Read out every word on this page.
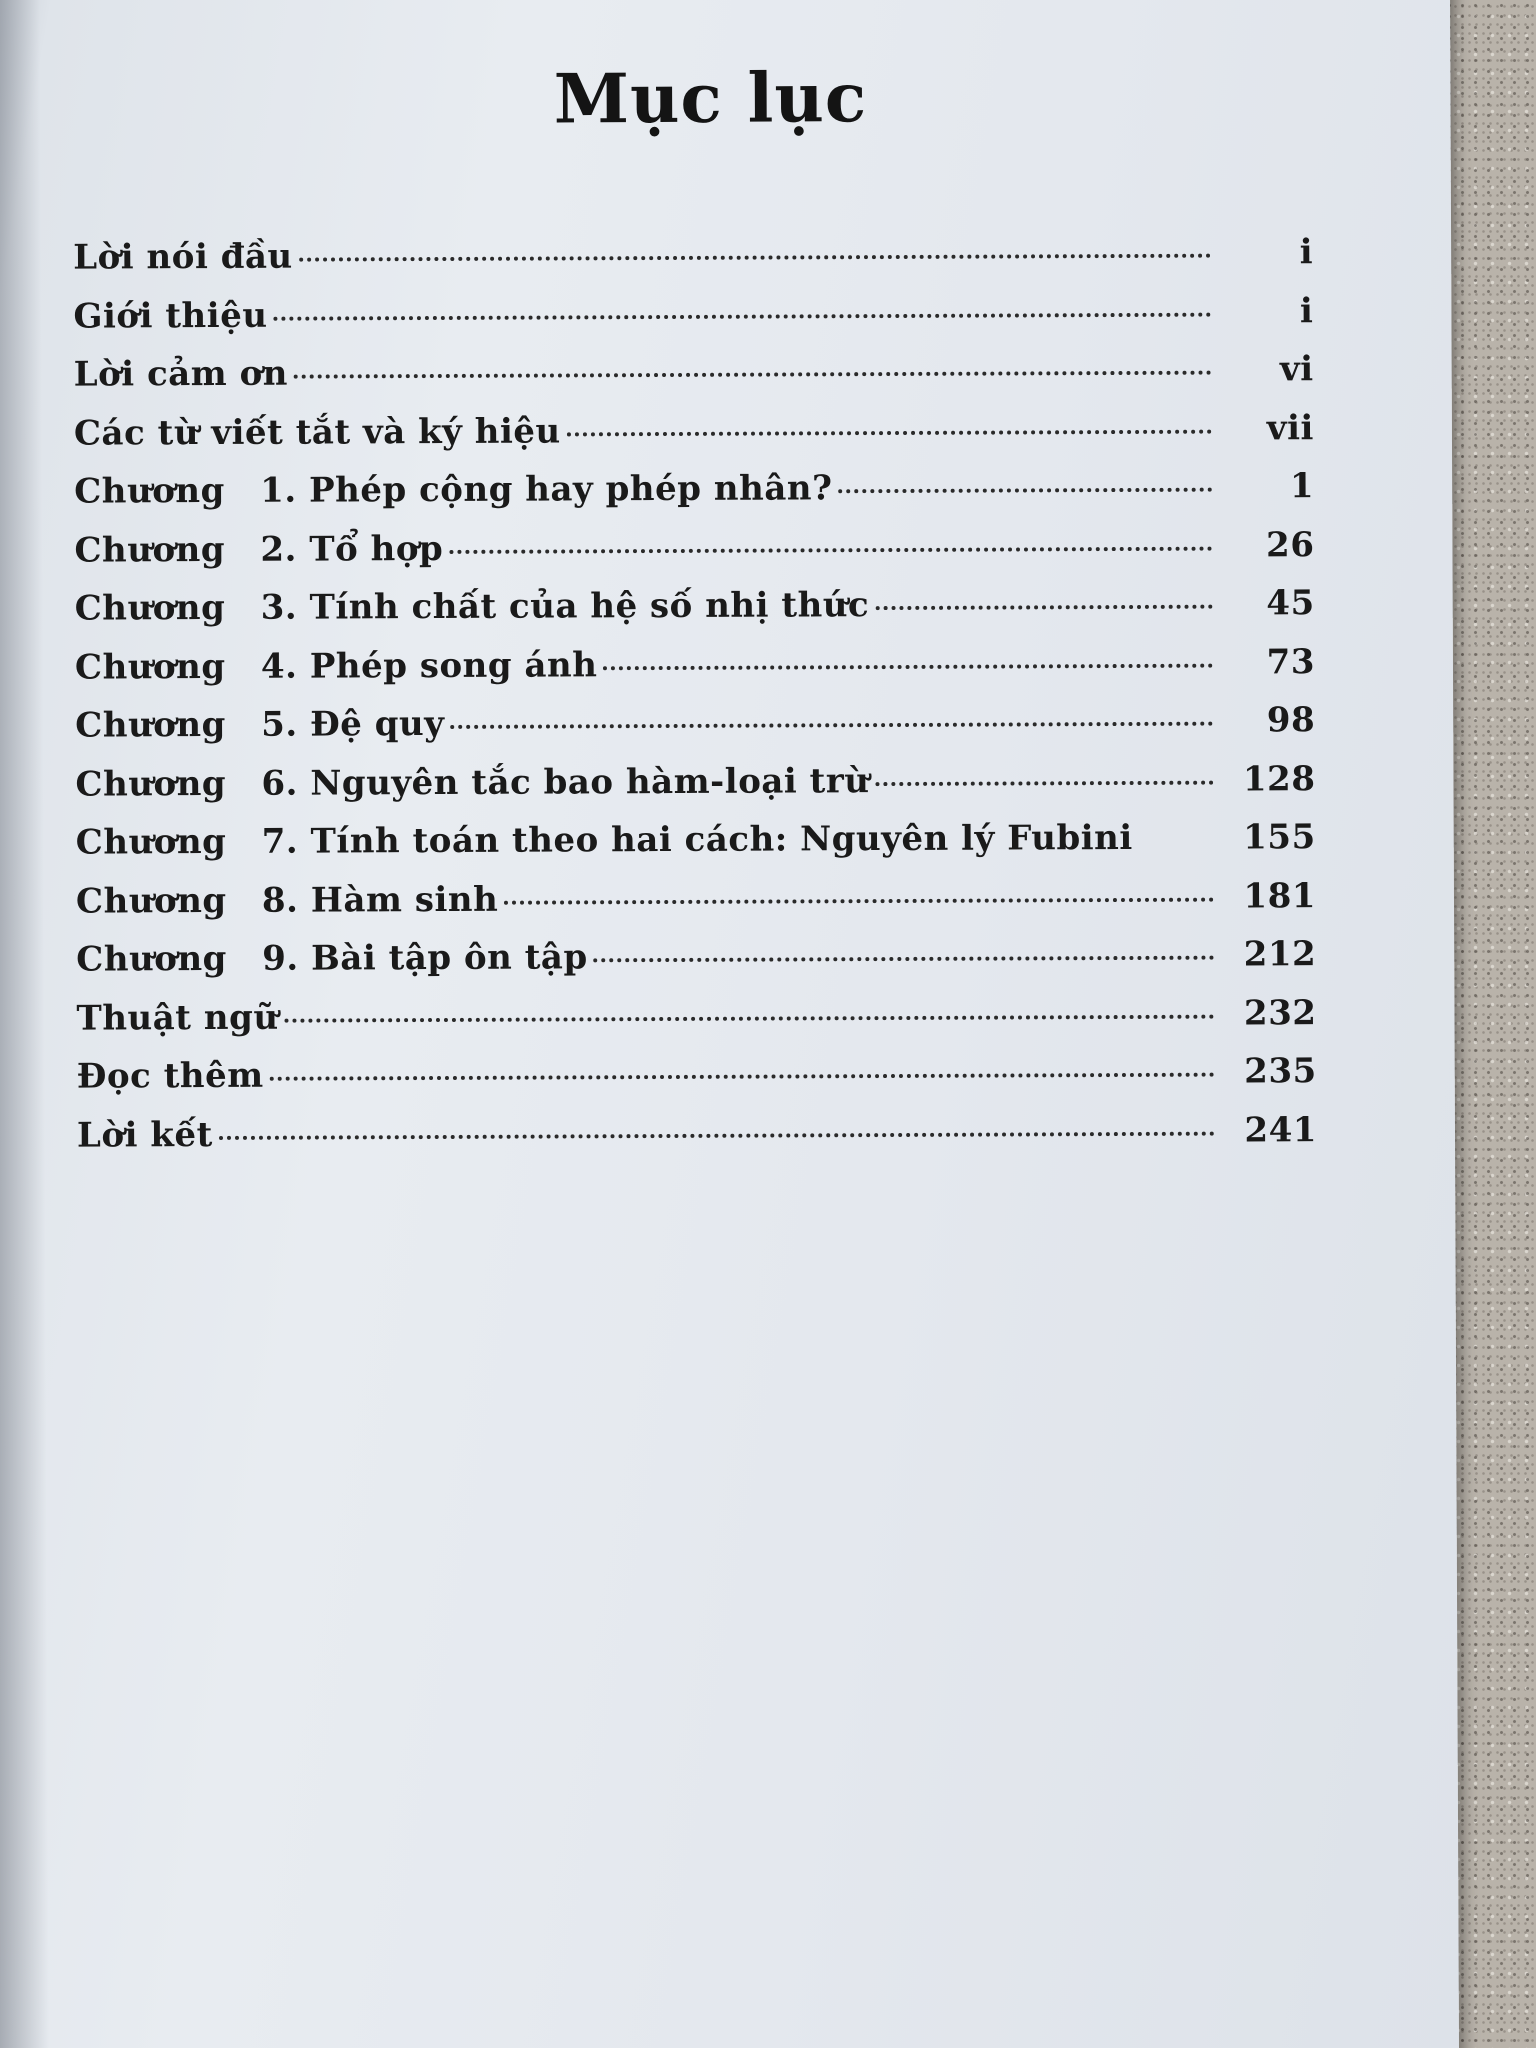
Mục lục
Lời nói đầu	i
Giới thiệu	i
Lời cảm ơn	vi
Các từ viết tắt và ký hiệu	vii
Chương	1. Phép cộng hay phép nhân?	1
Chương	2. Tổ hợp	26
Chương	3. Tính chất của hệ số nhị thức	45
Chương	4. Phép song ánh	73
Chương	5. Đệ quy	98
Chương	6. Nguyên tắc bao hàm-loại trừ	128
Chương	7. Tính toán theo hai cách: Nguyên lý Fubini	155
Chương	8. Hàm sinh	181
Chương	9. Bài tập ôn tập	212
Thuật ngữ	232
Đọc thêm	235
Lời kết	241
